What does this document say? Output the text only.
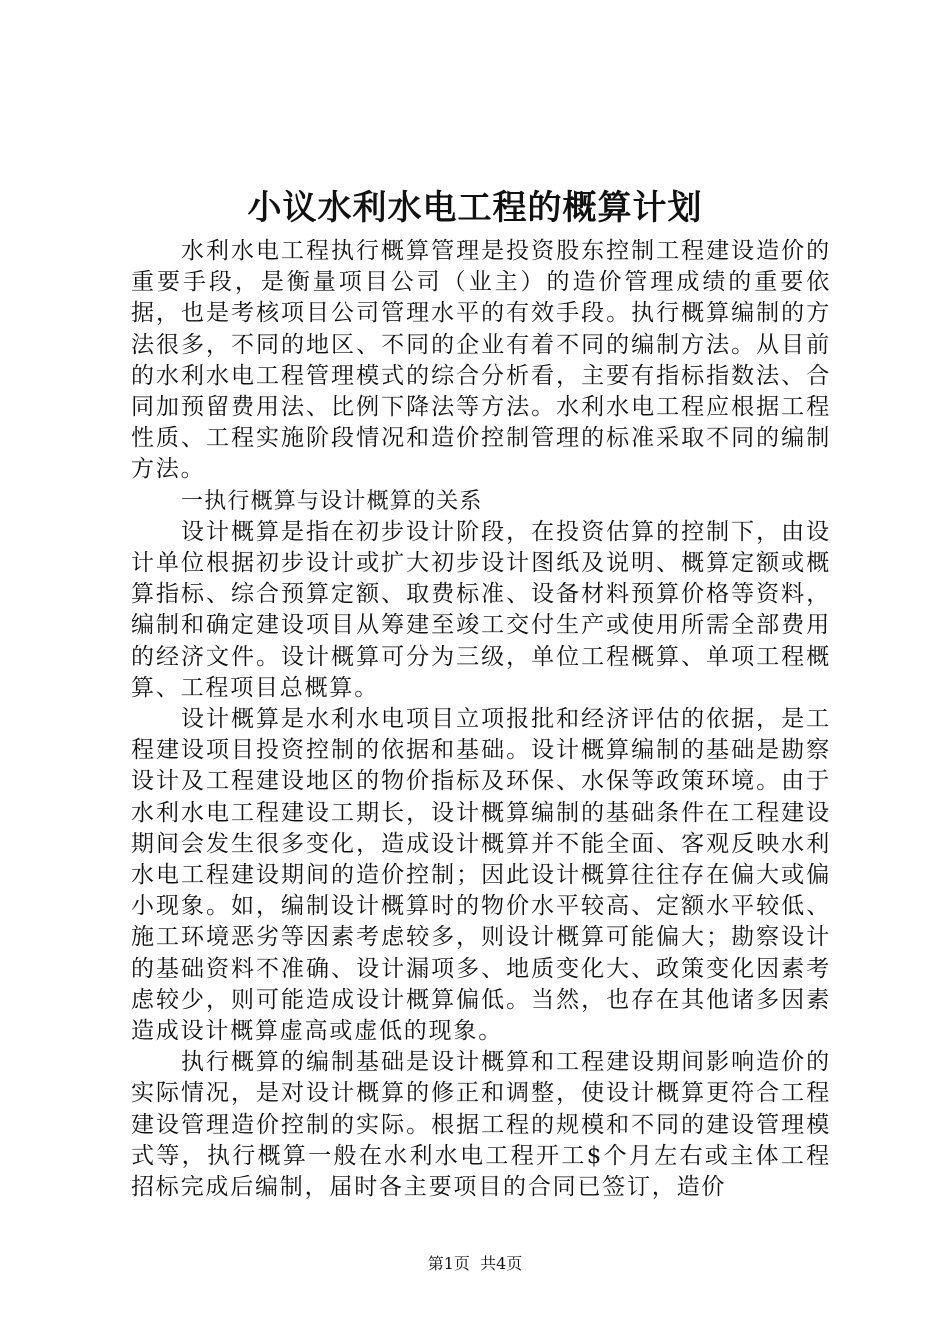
小议水利水电工程的概算计划

水利水电工程执行概算管理是投资股东控制工程建设造价的重要手段，是衡量项目公司（业主）的造价管理成绩的重要依据，也是考核项目公司管理水平的有效手段。执行概算编制的方法很多，不同的地区、不同的企业有着不同的编制方法。从目前的水利水电工程管理模式的综合分析看，主要有指标指数法、合同加预留费用法、比例下降法等方法。水利水电工程应根据工程性质、工程实施阶段情况和造价控制管理的标准采取不同的编制方法。

一执行概算与设计概算的关系

设计概算是指在初步设计阶段，在投资估算的控制下，由设计单位根据初步设计或扩大初步设计图纸及说明、概算定额或概算指标、综合预算定额、取费标准、设备材料预算价格等资料，编制和确定建设项目从筹建至竣工交付生产或使用所需全部费用的经济文件。设计概算可分为三级，单位工程概算、单项工程概算、工程项目总概算。

设计概算是水利水电项目立项报批和经济评估的依据，是工程建设项目投资控制的依据和基础。设计概算编制的基础是勘察设计及工程建设地区的物价指标及环保、水保等政策环境。由于水利水电工程建设工期长，设计概算编制的基础条件在工程建设期间会发生很多变化，造成设计概算并不能全面、客观反映水利水电工程建设期间的造价控制；因此设计概算往往存在偏大或偏小现象。如，编制设计概算时的物价水平较高、定额水平较低、施工环境恶劣等因素考虑较多，则设计概算可能偏大；勘察设计的基础资料不准确、设计漏项多、地质变化大、政策变化因素考虑较少，则可能造成设计概算偏低。当然，也存在其他诸多因素造成设计概算虚高或虚低的现象。

执行概算的编制基础是设计概算和工程建设期间影响造价的实际情况，是对设计概算的修正和调整，使设计概算更符合工程建设管理造价控制的实际。根据工程的规模和不同的建设管理模式等，执行概算一般在水利水电工程开工$个月左右或主体工程招标完成后编制，届时各主要项目的合同已签订，造价

第1页 共4页
